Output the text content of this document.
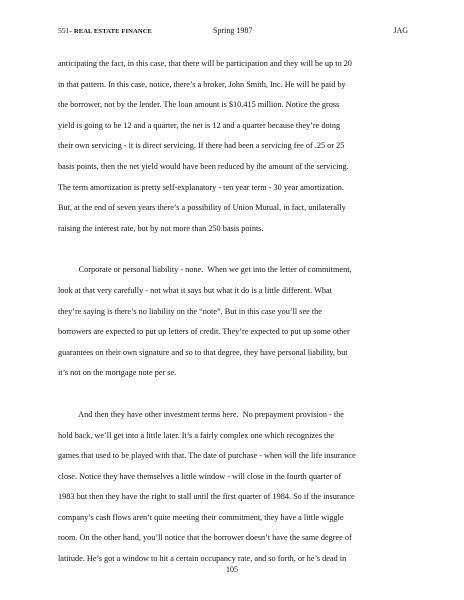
551- REAL ESTATE FINANCE	Spring 1987	JAG
anticipating the fact, in this case, that there will be participation and they will be up to 20
in that pattern. In this case, notice, there’s a broker, John Smith, Inc. He will be paid by
the borrower, not by the lender. The loan amount is $10.415 million. Notice the gross
yield is going to be 12 and a quarter, the net is 12 and a quarter because they’re doing
their own servicing - it is direct servicing. If there had been a servicing fee of .25 or 25
basis points, then the net yield would have been reduced by the amount of the servicing.
The term amortization is pretty self-explanatory - ten year term - 30 year amortization.
But, at the end of seven years there’s a possibility of Union Mutual, in fact, unilaterally
raising the interest rate, but by not more than 250 basis points.
Corporate or personal liability - none.  When we get into the letter of commitment,
look at that very carefully - not what it says but what it do is a little different. What
they’re saying is there’s no liability on the “note”. But in this case you’ll see the
borrowers are expected to put up letters of credit. They’re expected to put up some other
guarantees on their own signature and so to that degree, they have personal liability, but
it’s not on the mortgage note per se.
And then they have other investment terms here.  No prepayment provision - the
hold back, we’ll get into a little later. It’s a fairly complex one which recognizes the
games that used to be played with that. The date of purchase - when will the life insurance
close. Notice they have themselves a little window - will close in the fourth quarter of
1983 but then they have the right to stall until the first quarter of 1984. So if the insurance
company’s cash flows aren’t quite meeting their commitment, they have a little wiggle
room. On the other hand, you’ll notice that the borrower doesn’t have the same degree of
latitude. He’s got a window to hit a certain occupancy rate, and so forth, or he’s dead in
105
